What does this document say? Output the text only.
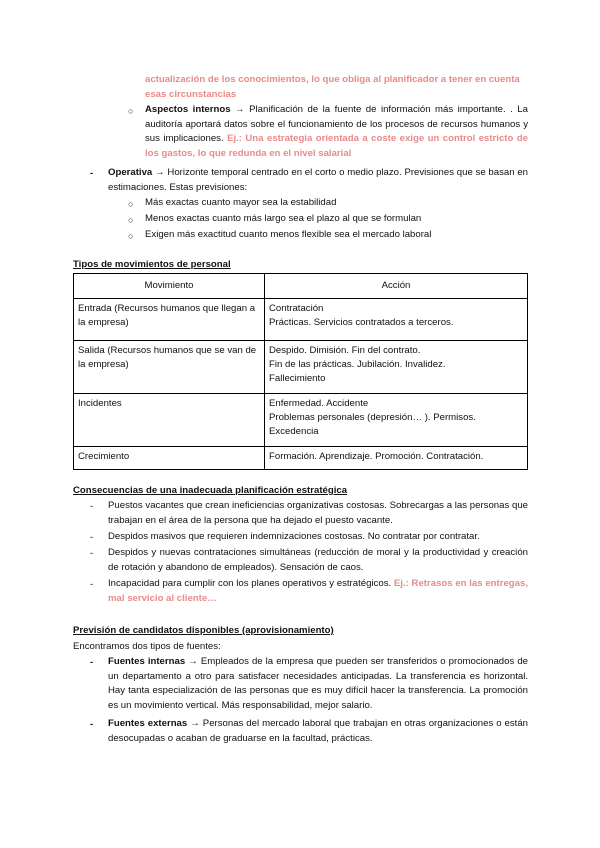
actualización de los conocimientos, lo que obliga al planificador a tener en cuenta
esas circunstancias
○ Aspectos internos → Planificación de la fuente de información más importante. . La auditoría aportará datos sobre el funcionamiento de los procesos de recursos humanos y sus implicaciones. Ej.: Una estrategia orientada a coste exige un control estricto de los gastos, lo que redunda en el nivel salarial
- Operativa → Horizonte temporal centrado en el corto o medio plazo. Previsiones que se basan en estimaciones. Estas previsiones:
○ Más exactas cuanto mayor sea la estabilidad
○ Menos exactas cuanto más largo sea el plazo al que se formulan
○ Exigen más exactitud cuanto menos flexible sea el mercado laboral
Tipos de movimientos de personal
Movimiento	Acción
Entrada (Recursos humanos que llegan a la empresa)	Contratación
Prácticas. Servicios contratados a terceros.

Salida (Recursos humanos que se van de la empresa)	Despido. Dimisión. Fin del contrato.
Fin de las prácticas. Jubilación. Invalidez.
Fallecimiento

Incidentes	Enfermedad. Accidente
Problemas personales (depresión… ). Permisos.
Excedencia

Crecimiento	Formación. Aprendizaje. Promoción. Contratación.
Consecuencias de una inadecuada planificación estratégica
- Puestos vacantes que crean ineficiencias organizativas costosas. Sobrecargas a las personas que trabajan en el área de la persona que ha dejado el puesto vacante.
- Despidos masivos que requieren indemnizaciones costosas. No contratar por contratar.
- Despidos y nuevas contrataciones simultáneas (reducción de moral y la productividad y creación de rotación y abandono de empleados). Sensación de caos.
- Incapacidad para cumplir con los planes operativos y estratégicos. Ej.: Retrasos en las entregas, mal servicio al cliente…
Previsión de candidatos disponibles (aprovisionamiento)
Encontramos dos tipos de fuentes:
- Fuentes internas → Empleados de la empresa que pueden ser transferidos o promocionados de un departamento a otro para satisfacer necesidades anticipadas. La transferencia es horizontal. Hay tanta especialización de las personas que es muy difícil hacer la transferencia. La promoción es un movimiento vertical. Más responsabilidad, mejor salario.
- Fuentes externas → Personas del mercado laboral que trabajan en otras organizaciones o están desocupadas o acaban de graduarse en la facultad, prácticas.
